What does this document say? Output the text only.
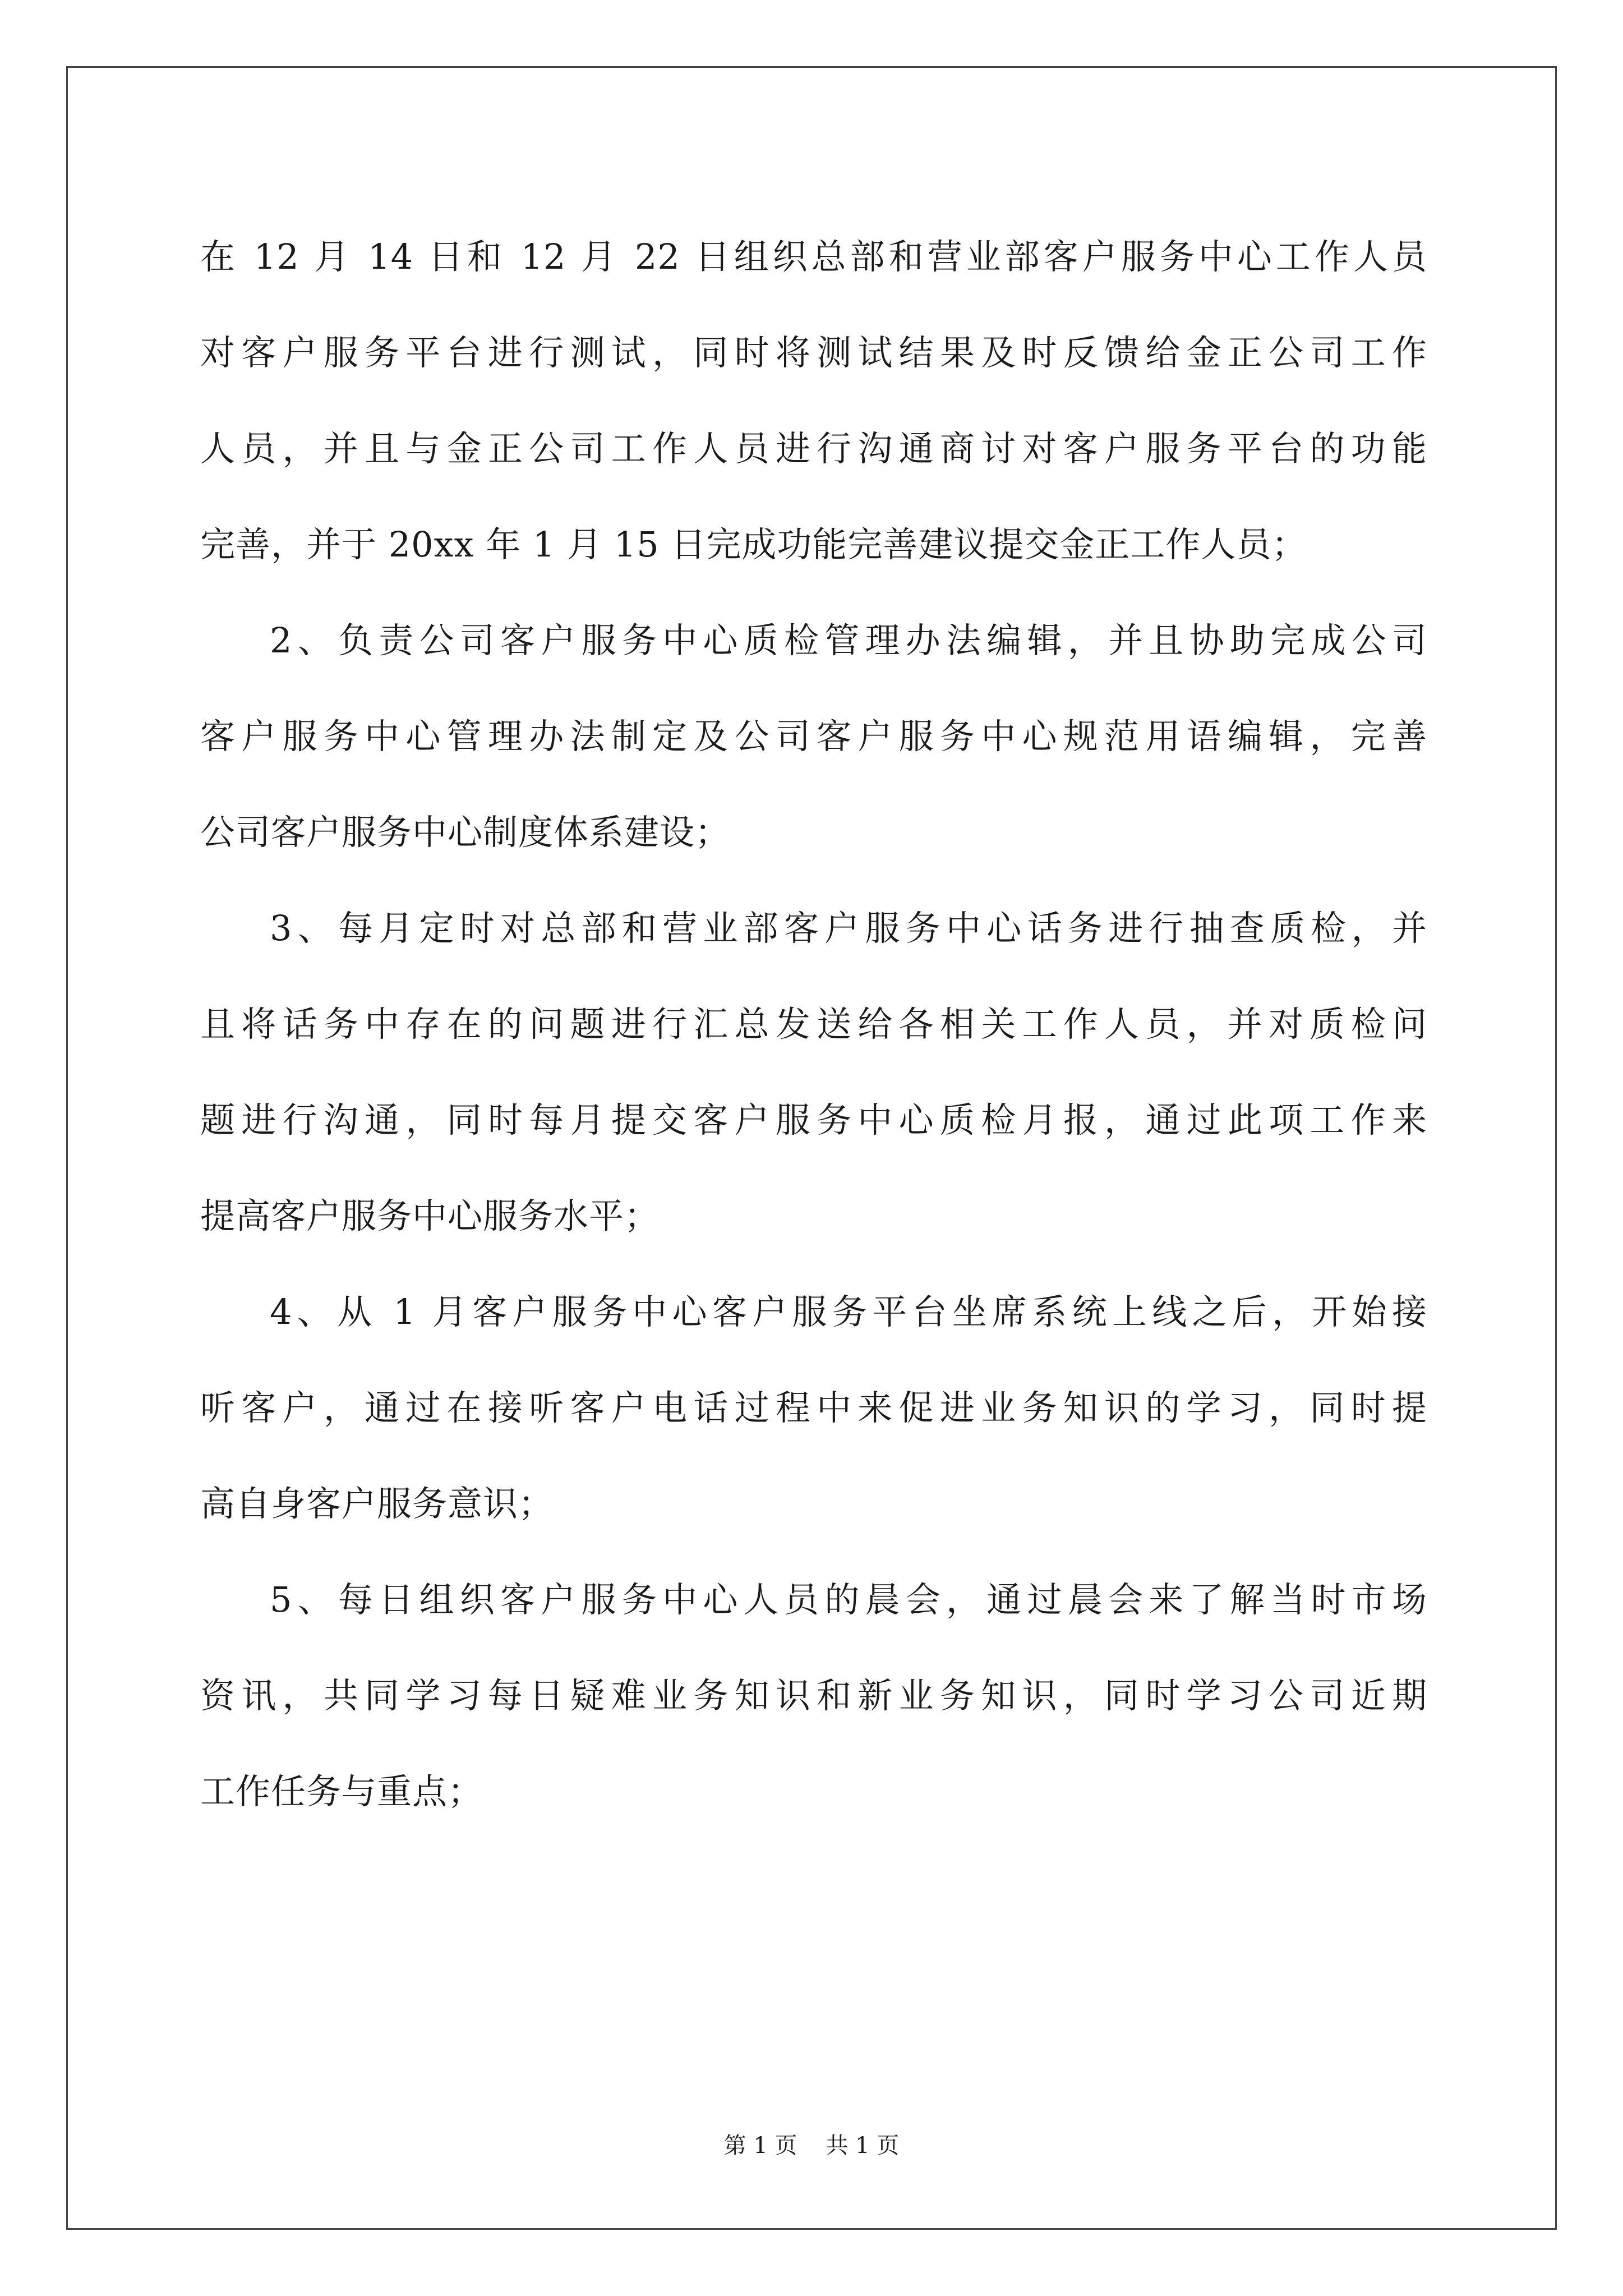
在 12 月 14 日和 12 月 22 日组织总部和营业部客户服务中心工作人员
对客户服务平台进行测试，同时将测试结果及时反馈给金正公司工作
人员，并且与金正公司工作人员进行沟通商讨对客户服务平台的功能
完善，并于 20xx 年 1 月 15 日完成功能完善建议提交金正工作人员；
2、负责公司客户服务中心质检管理办法编辑，并且协助完成公司
客户服务中心管理办法制定及公司客户服务中心规范用语编辑，完善
公司客户服务中心制度体系建设；
3、每月定时对总部和营业部客户服务中心话务进行抽查质检，并
且将话务中存在的问题进行汇总发送给各相关工作人员，并对质检问
题进行沟通，同时每月提交客户服务中心质检月报，通过此项工作来
提高客户服务中心服务水平；
4、从 1 月客户服务中心客户服务平台坐席系统上线之后，开始接
听客户，通过在接听客户电话过程中来促进业务知识的学习，同时提
高自身客户服务意识；
5、每日组织客户服务中心人员的晨会，通过晨会来了解当时市场
资讯，共同学习每日疑难业务知识和新业务知识，同时学习公司近期
工作任务与重点；
第 1 页 共 1 页
